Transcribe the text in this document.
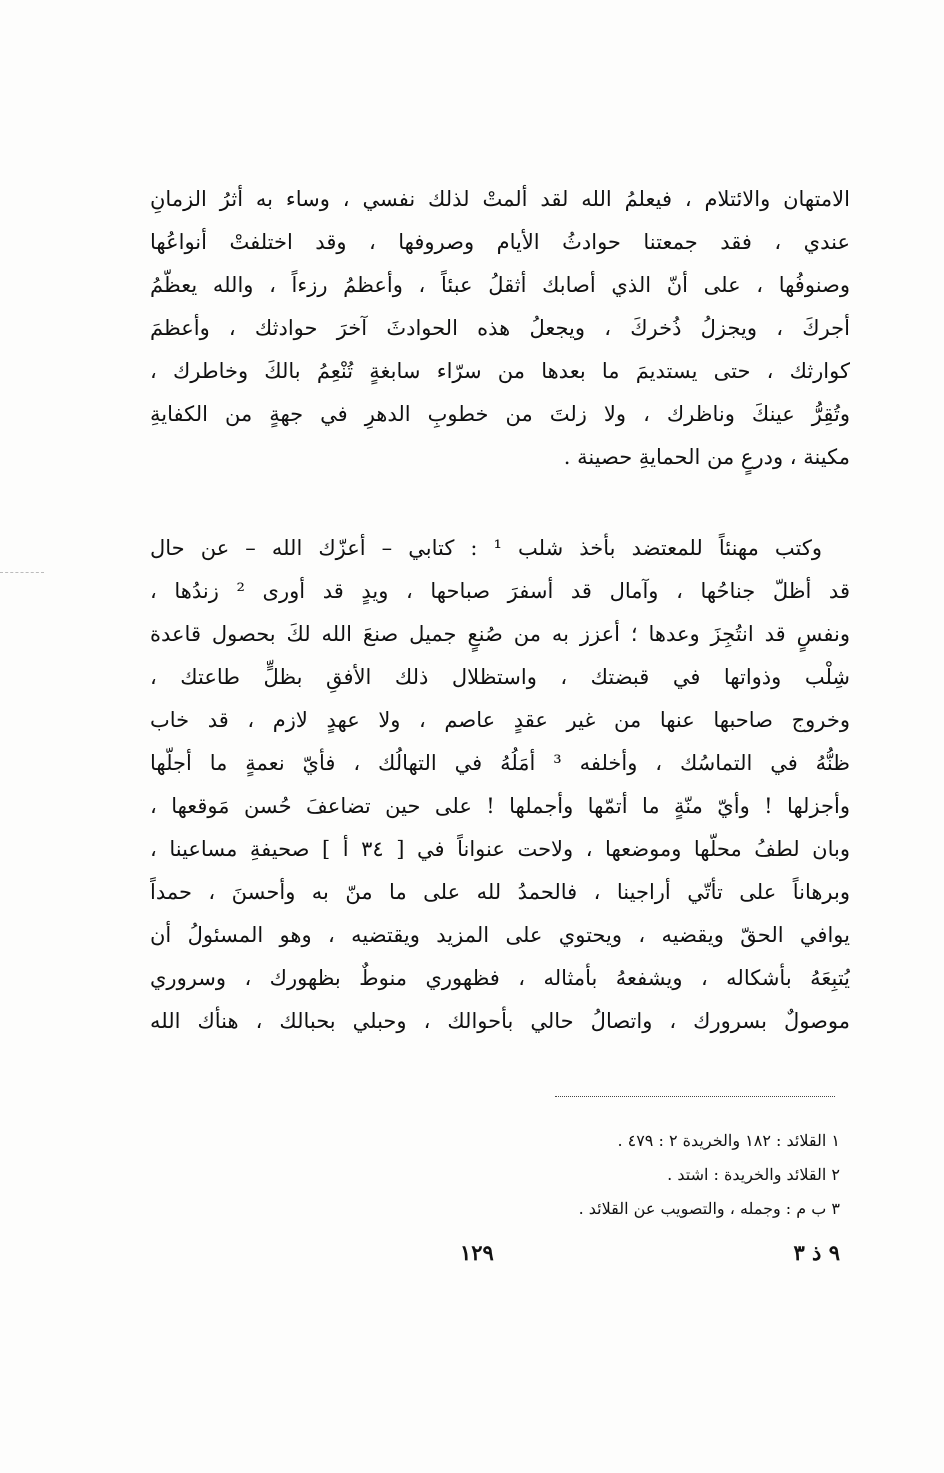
الامتهان والائتلام ، فيعلمُ الله لقد ألمتْ لذلك نفسي ، وساء به أثرُ الزمانِ
عندي ، فقد جمعتنا حوادثُ الأيام وصروفها ، وقد اختلفتْ أنواعُها
وصنوفُها ، على أنّ الذي أصابك أثقلُ عبئاً ، وأعظمُ رزءاً ، والله يعظّمُ
أجركَ ، ويجزلُ ذُخركَ ، ويجعلُ هذه الحوادثَ آخرَ حوادثك ، وأعظمَ
كوارثك ، حتى يستديمَ ما بعدها من سرّاء سابغةٍ تُنْعِمُ بالكَ وخاطرك ،
وتُقِرُّ عينكَ وناظرك ، ولا زلتَ من خطوبِ الدهرِ في جهةٍ من الكفايةِ
مكينة ، ودرعٍ من الحمايةِ حصينة .
وكتب مهنئاً للمعتضد بأخذ شلب ¹ : كتابي – أعزّك الله – عن حال
قد أظلّ جناحُها ، وآمال قد أسفرَ صباحها ، ويدٍ قد أورى ² زندُها ،
ونفسٍ قد انتُجِزَ وعدها ؛ أعزز به من صُنعٍ جميل صنعَ الله لكَ بحصول قاعدة
شِلْب وذواتها في قبضتك ، واستظلال ذلك الأفقِ بظلٍّ طاعتك ،
وخروج صاحبها عنها من غير عقدٍ عاصم ، ولا عهدٍ لازم ، قد خاب
ظنُّهُ في التماسُك ، وأخلفه ³ أمَلُهُ في التهالُك ، فأيّ نعمةٍ ما أجلّها
وأجزلها ! وأيّ منّةٍ ما أتمّها وأجملها ! على حين تضاعفَ حُسن مَوقعها ،
وبان لطفُ محلّها وموضعها ، ولاحت عنواناً في [ ٣٤ أ ] صحيفةِ مساعينا ،
وبرهاناً على تأتّي أراجينا ، فالحمدُ لله على ما منّ به وأحسنَ ، حمداً
يوافي الحقّ ويقضيه ، ويحتوي على المزيد ويقتضيه ، وهو المسئولُ أن
يُتبِعَهُ بأشكاله ، ويشفعهُ بأمثاله ، فظهوري منوطٌ بظهورك ، وسروري
موصولٌ بسرورك ، واتصالُ حالي بأحوالك ، وحبلي بحبالك ، هنأك الله
١ القلائد : ١٨٢ والخريدة ٢ : ٤٧٩ .
٢ القلائد والخريدة : اشتد .
٣ ب م : وجمله ، والتصويب عن القلائد .
٩ ذ ٣
١٢٩
